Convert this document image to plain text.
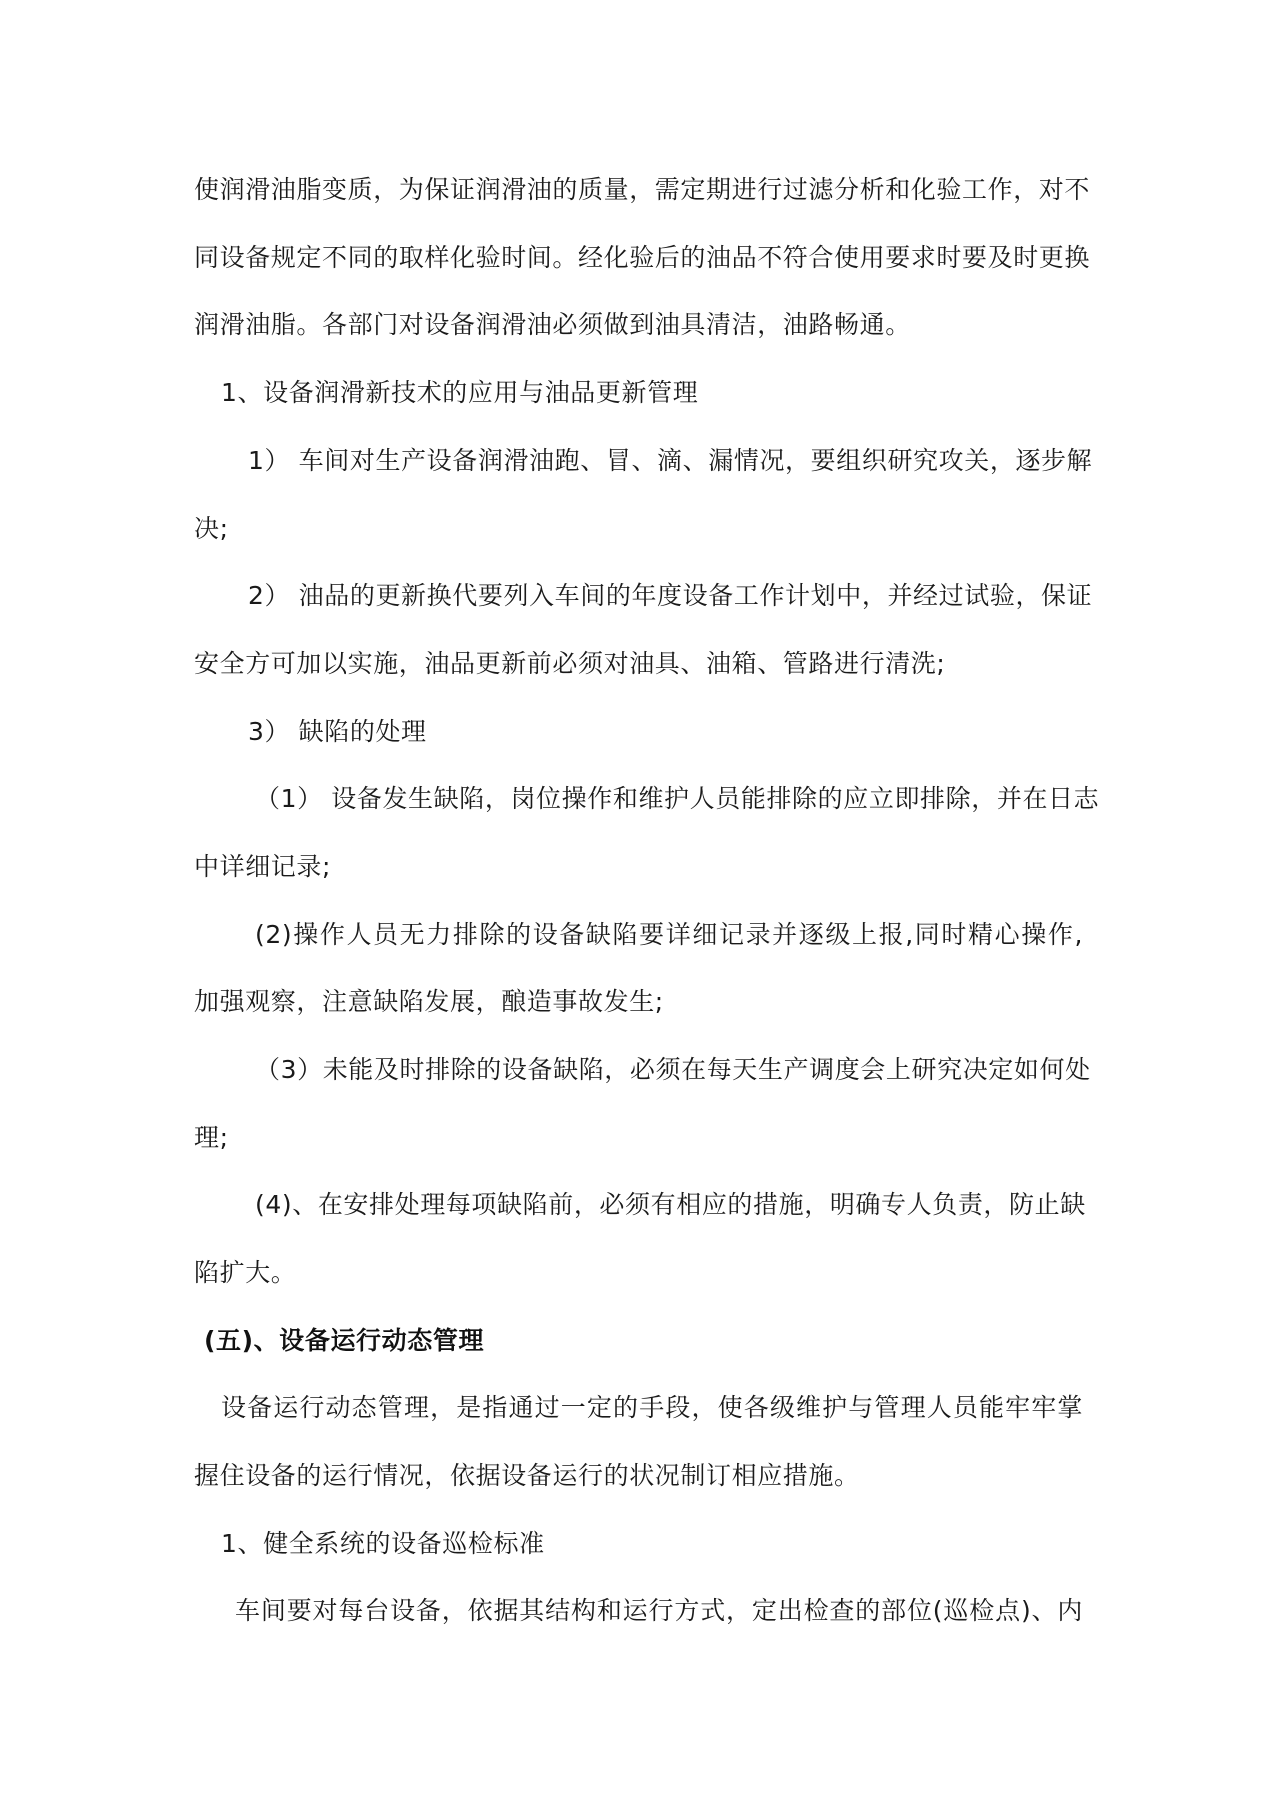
使润滑油脂变质，为保证润滑油的质量，需定期进行过滤分析和化验工作，对不
同设备规定不同的取样化验时间。经化验后的油品不符合使用要求时要及时更换
润滑油脂。各部门对设备润滑油必须做到油具清洁，油路畅通。
1、设备润滑新技术的应用与油品更新管理
1） 车间对生产设备润滑油跑、冒、滴、漏情况，要组织研究攻关，逐步解
决;
2） 油品的更新换代要列入车间的年度设备工作计划中，并经过试验，保证
安全方可加以实施，油品更新前必须对油具、油箱、管路进行清洗;
3） 缺陷的处理
（1） 设备发生缺陷，岗位操作和维护人员能排除的应立即排除，并在日志
中详细记录;
(2)操作人员无力排除的设备缺陷要详细记录并逐级上报,同时精心操作,
加强观察，注意缺陷发展，酿造事故发生;
（3）未能及时排除的设备缺陷，必须在每天生产调度会上研究决定如何处
理;
(4)、在安排处理每项缺陷前，必须有相应的措施，明确专人负责，防止缺
陷扩大。
(五)、设备运行动态管理
设备运行动态管理，是指通过一定的手段，使各级维护与管理人员能牢牢掌
握住设备的运行情况，依据设备运行的状况制订相应措施。
1、健全系统的设备巡检标准
车间要对每台设备，依据其结构和运行方式，定出检查的部位(巡检点)、内
